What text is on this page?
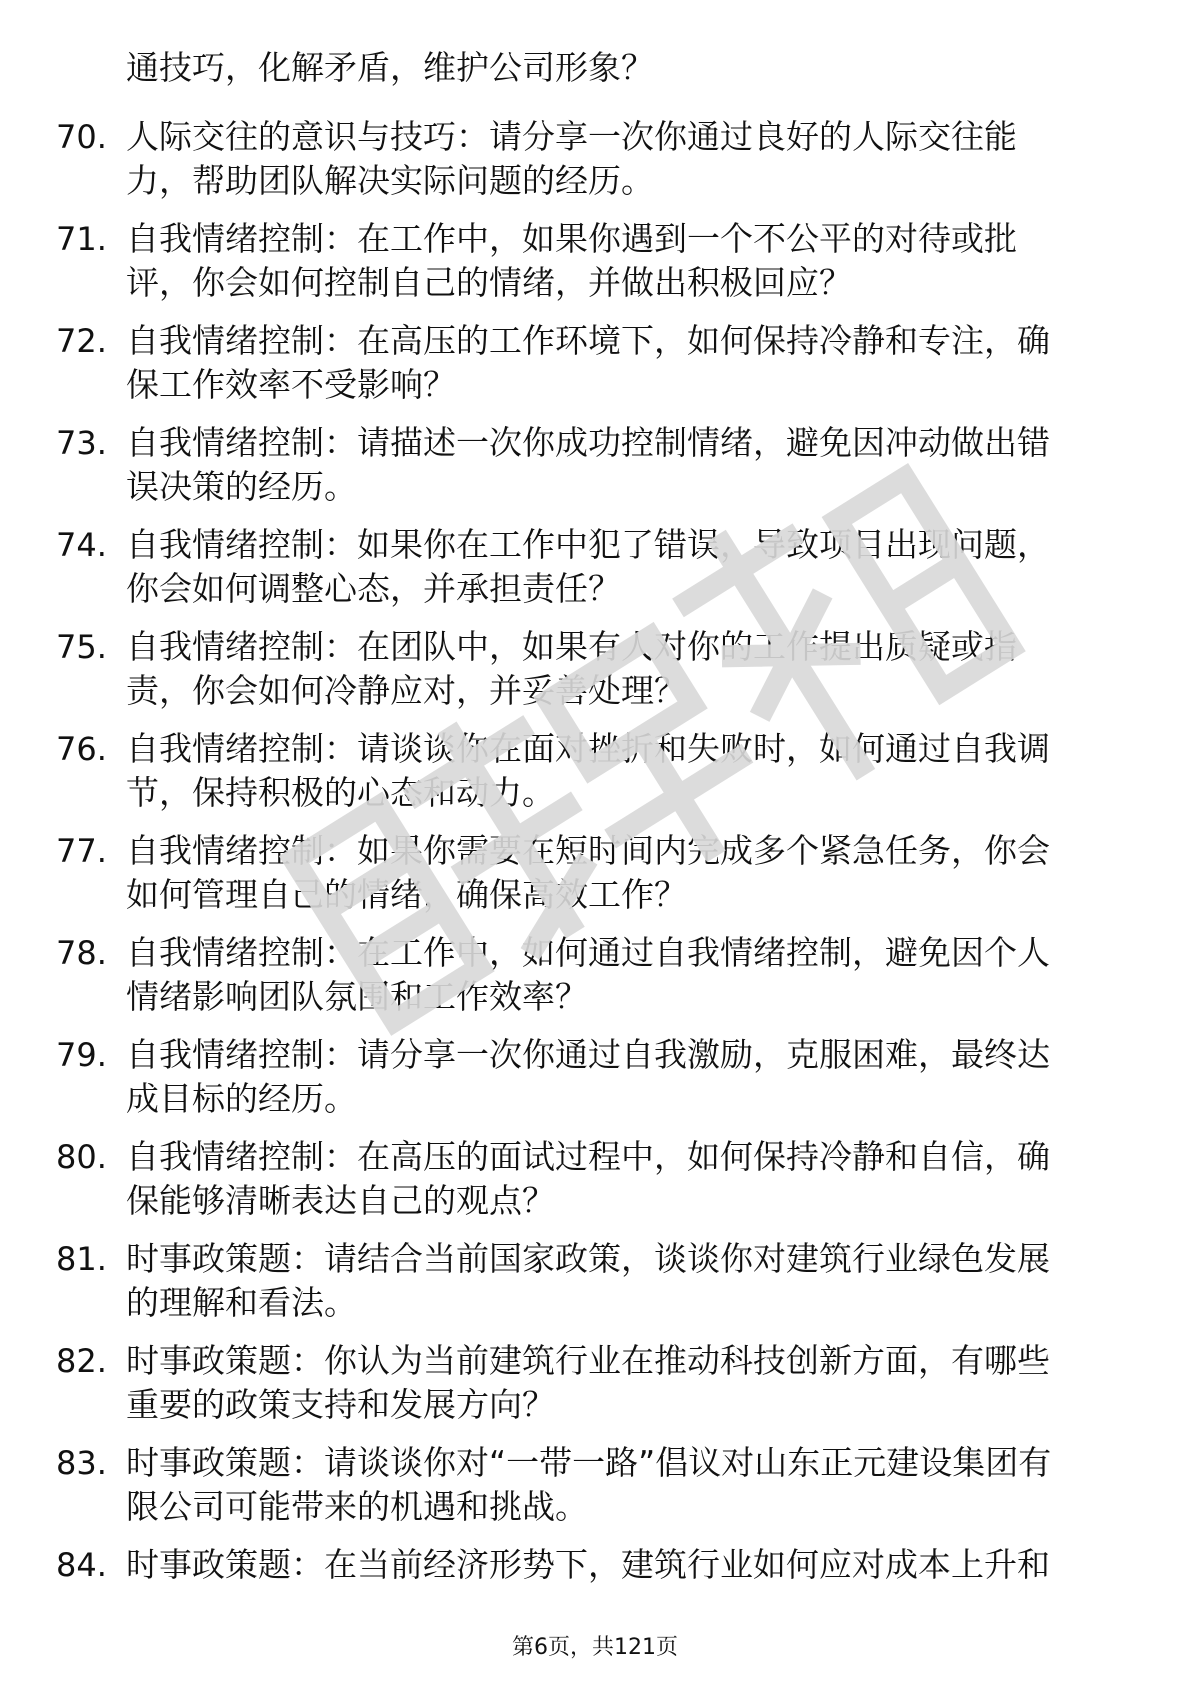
通技巧，化解矛盾，维护公司形象？
70. 人际交往的意识与技巧：请分享一次你通过良好的人际交往能
力，帮助团队解决实际问题的经历。
71. 自我情绪控制：在工作中，如果你遇到一个不公平的对待或批
评，你会如何控制自己的情绪，并做出积极回应？
72. 自我情绪控制：在高压的工作环境下，如何保持冷静和专注，确
保工作效率不受影响？
73. 自我情绪控制：请描述一次你成功控制情绪，避免因冲动做出错
误决策的经历。
74. 自我情绪控制：如果你在工作中犯了错误，导致项目出现问题，
你会如何调整心态，并承担责任？
75. 自我情绪控制：在团队中，如果有人对你的工作提出质疑或指
责，你会如何冷静应对，并妥善处理？
76. 自我情绪控制：请谈谈你在面对挫折和失败时，如何通过自我调
节，保持积极的心态和动力。
77. 自我情绪控制：如果你需要在短时间内完成多个紧急任务，你会
如何管理自己的情绪，确保高效工作？
78. 自我情绪控制：在工作中，如何通过自我情绪控制，避免因个人
情绪影响团队氛围和工作效率？
79. 自我情绪控制：请分享一次你通过自我激励，克服困难，最终达
成目标的经历。
80. 自我情绪控制：在高压的面试过程中，如何保持冷静和自信，确
保能够清晰表达自己的观点？
81. 时事政策题：请结合当前国家政策，谈谈你对建筑行业绿色发展
的理解和看法。
82. 时事政策题：你认为当前建筑行业在推动科技创新方面，有哪些
重要的政策支持和发展方向？
83. 时事政策题：请谈谈你对“一带一路”倡议对山东正元建设集团有
限公司可能带来的机遇和挑战。
84. 时事政策题：在当前经济形势下，建筑行业如何应对成本上升和
第6页，共121页
